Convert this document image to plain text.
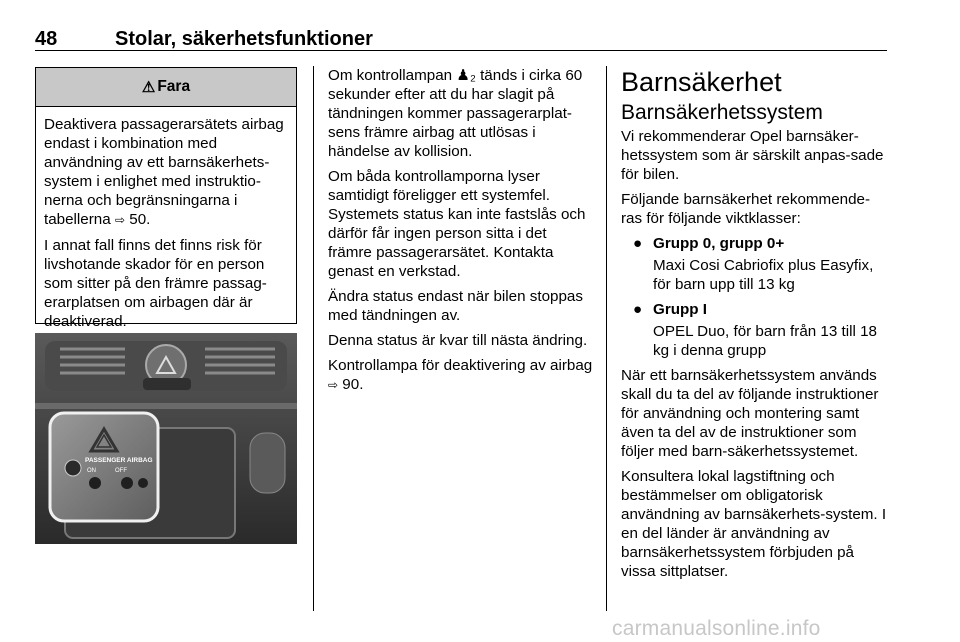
48	Stolar, säkerhetsfunktioner
⚠ Fara

Deaktivera passagerarsätets airbag endast i kombination med användning av ett barnsäkerhets-system i enlighet med instruktio-nerna och begränsningarna i tabellerna ⇨ 50.

I annat fall finns det finns risk för livshotande skador för en person som sitter på den främre passag-erarplatsen om airbagen där är deaktiverad.

PASSENGER AIRBAG
ON	OFF

Om kontrollampan ♟₂ tänds i cirka 60 sekunder efter att du har slagit på tändningen kommer passagerarplat-sens främre airbag att utlösas i händelse av kollision.

Om båda kontrollamporna lyser samtidigt föreligger ett systemfel. Systemets status kan inte fastslås och därför får ingen person sitta i det främre passagerarsätet. Kontakta genast en verkstad.

Ändra status endast när bilen stoppas med tändningen av.

Denna status är kvar till nästa ändring.

Kontrollampa för deaktivering av airbag ⇨ 90.

Barnsäkerhet
Barnsäkerhetssystem

Vi rekommenderar Opel barnsäker-hetssystem som är särskilt anpas-sade för bilen.

Följande barnsäkerhet rekommende-ras för följande viktklasser:

● Grupp 0, grupp 0+
Maxi Cosi Cabriofix plus Easyfix, för barn upp till 13 kg
● Grupp I
OPEL Duo, för barn från 13 till 18 kg i denna grupp

När ett barnsäkerhetssystem används skall du ta del av följande instruktioner för användning och montering samt även ta del av de instruktioner som följer med barn-säkerhetssystemet.

Konsultera lokal lagstiftning och bestämmelser om obligatorisk användning av barnsäkerhets-system. I en del länder är användning av barnsäkerhetssystem förbjuden på vissa sittplatser.

carmanualsonline.info
